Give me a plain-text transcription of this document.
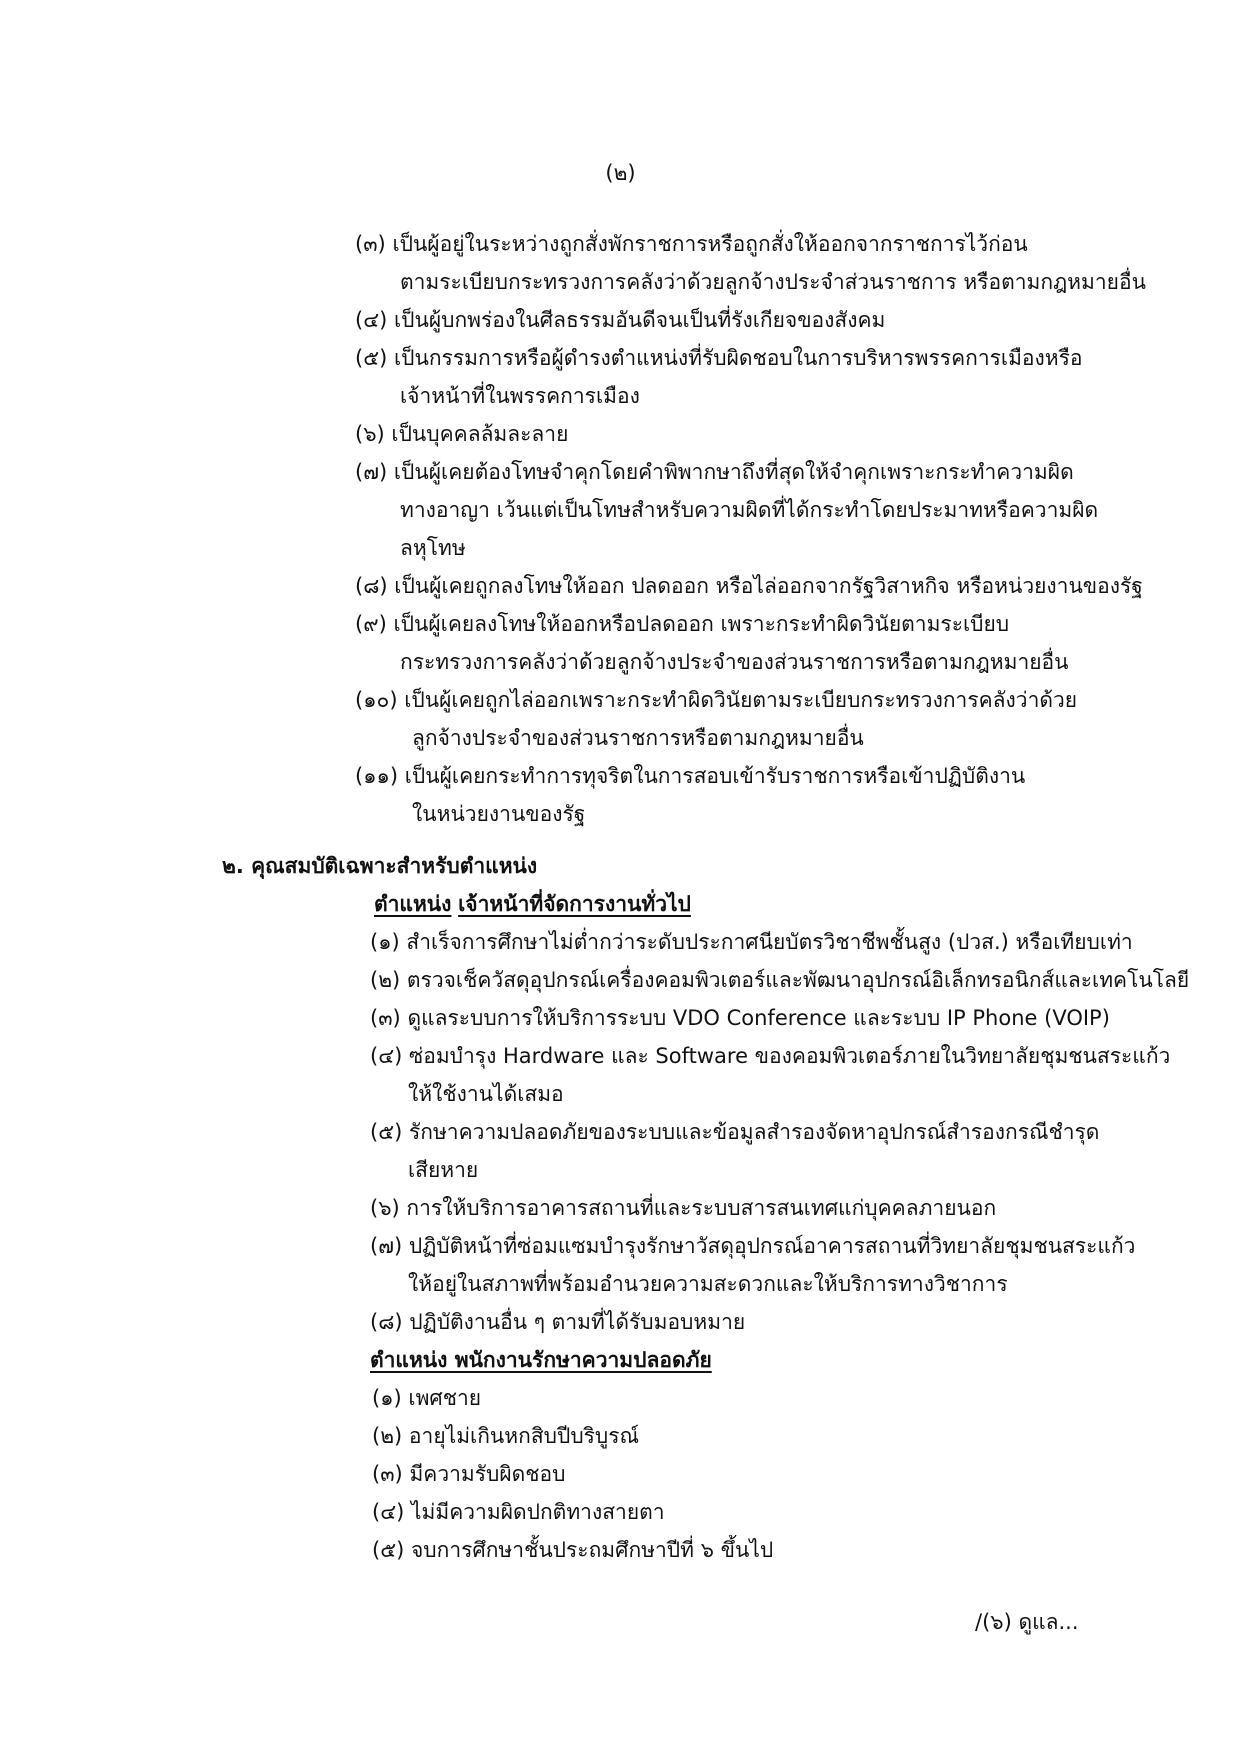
(๒)
(๓) เป็นผู้อยู่ในระหว่างถูกสั่งพักราชการหรือถูกสั่งให้ออกจากราชการไว้ก่อน
ตามระเบียบกระทรวงการคลังว่าด้วยลูกจ้างประจำส่วนราชการ หรือตามกฎหมายอื่น
(๔) เป็นผู้บกพร่องในศีลธรรมอันดีจนเป็นที่รังเกียจของสังคม
(๕) เป็นกรรมการหรือผู้ดำรงตำแหน่งที่รับผิดชอบในการบริหารพรรคการเมืองหรือ
เจ้าหน้าที่ในพรรคการเมือง
(๖) เป็นบุคคลล้มละลาย
(๗) เป็นผู้เคยต้องโทษจำคุกโดยคำพิพากษาถึงที่สุดให้จำคุกเพราะกระทำความผิด
ทางอาญา เว้นแต่เป็นโทษสำหรับความผิดที่ได้กระทำโดยประมาทหรือความผิด
ลหุโทษ
(๘) เป็นผู้เคยถูกลงโทษให้ออก ปลดออก หรือไล่ออกจากรัฐวิสาหกิจ หรือหน่วยงานของรัฐ
(๙) เป็นผู้เคยลงโทษให้ออกหรือปลดออก เพราะกระทำผิดวินัยตามระเบียบ
กระทรวงการคลังว่าด้วยลูกจ้างประจำของส่วนราชการหรือตามกฎหมายอื่น
(๑๐) เป็นผู้เคยถูกไล่ออกเพราะกระทำผิดวินัยตามระเบียบกระทรวงการคลังว่าด้วย
ลูกจ้างประจำของส่วนราชการหรือตามกฎหมายอื่น
(๑๑) เป็นผู้เคยกระทำการทุจริตในการสอบเข้ารับราชการหรือเข้าปฏิบัติงาน
ในหน่วยงานของรัฐ
๒. คุณสมบัติเฉพาะสำหรับตำแหน่ง
ตำแหน่ง เจ้าหน้าที่จัดการงานทั่วไป
(๑) สำเร็จการศึกษาไม่ต่ำกว่าระดับประกาศนียบัตรวิชาชีพชั้นสูง (ปวส.) หรือเทียบเท่า
(๒) ตรวจเช็ควัสดุอุปกรณ์เครื่องคอมพิวเตอร์และพัฒนาอุปกรณ์อิเล็กทรอนิกส์และเทคโนโลยี
(๓) ดูแลระบบการให้บริการระบบ VDO Conference และระบบ IP Phone (VOIP)
(๔) ซ่อมบำรุง Hardware และ Software ของคอมพิวเตอร์ภายในวิทยาลัยชุมชนสระแก้ว
ให้ใช้งานได้เสมอ
(๕) รักษาความปลอดภัยของระบบและข้อมูลสำรองจัดหาอุปกรณ์สำรองกรณีชำรุด
เสียหาย
(๖) การให้บริการอาคารสถานที่และระบบสารสนเทศแก่บุคคลภายนอก
(๗) ปฏิบัติหน้าที่ซ่อมแซมบำรุงรักษาวัสดุอุปกรณ์อาคารสถานที่วิทยาลัยชุมชนสระแก้ว
ให้อยู่ในสภาพที่พร้อมอำนวยความสะดวกและให้บริการทางวิชาการ
(๘) ปฏิบัติงานอื่น ๆ ตามที่ได้รับมอบหมาย
ตำแหน่ง พนักงานรักษาความปลอดภัย
(๑) เพศชาย
(๒) อายุไม่เกินหกสิบปีบริบูรณ์
(๓) มีความรับผิดชอบ
(๔) ไม่มีความผิดปกติทางสายตา
(๕) จบการศึกษาชั้นประถมศึกษาปีที่ ๖ ขึ้นไป
/(๖) ดูแล...
